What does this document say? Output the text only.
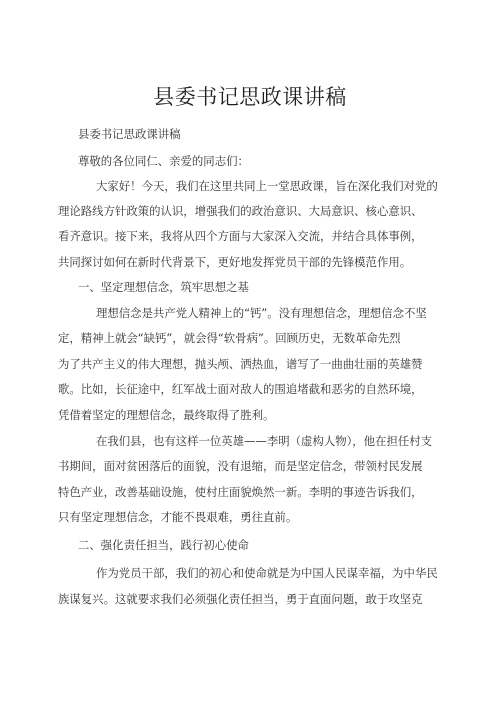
县委书记思政课讲稿
县委书记思政课讲稿
尊敬的各位同仁、亲爱的同志们：
大家好！今天，我们在这里共同上一堂思政课，旨在深化我们对党的
理论路线方针政策的认识，增强我们的政治意识、大局意识、核心意识、
看齐意识。接下来，我将从四个方面与大家深入交流，并结合具体事例，
共同探讨如何在新时代背景下，更好地发挥党员干部的先锋模范作用。
一、坚定理想信念，筑牢思想之基
理想信念是共产党人精神上的“钙”。没有理想信念，理想信念不坚
定，精神上就会“缺钙”，就会得“软骨病”。回顾历史，无数革命先烈
为了共产主义的伟大理想，抛头颅、洒热血，谱写了一曲曲壮丽的英雄赞
歌。比如，长征途中，红军战士面对敌人的围追堵截和恶劣的自然环境，
凭借着坚定的理想信念，最终取得了胜利。
在我们县，也有这样一位英雄——李明（虚构人物），他在担任村支
书期间，面对贫困落后的面貌，没有退缩，而是坚定信念，带领村民发展
特色产业，改善基础设施，使村庄面貌焕然一新。李明的事迹告诉我们，
只有坚定理想信念，才能不畏艰难，勇往直前。
二、强化责任担当，践行初心使命
作为党员干部，我们的初心和使命就是为中国人民谋幸福，为中华民
族谋复兴。这就要求我们必须强化责任担当，勇于直面问题，敢于攻坚克
